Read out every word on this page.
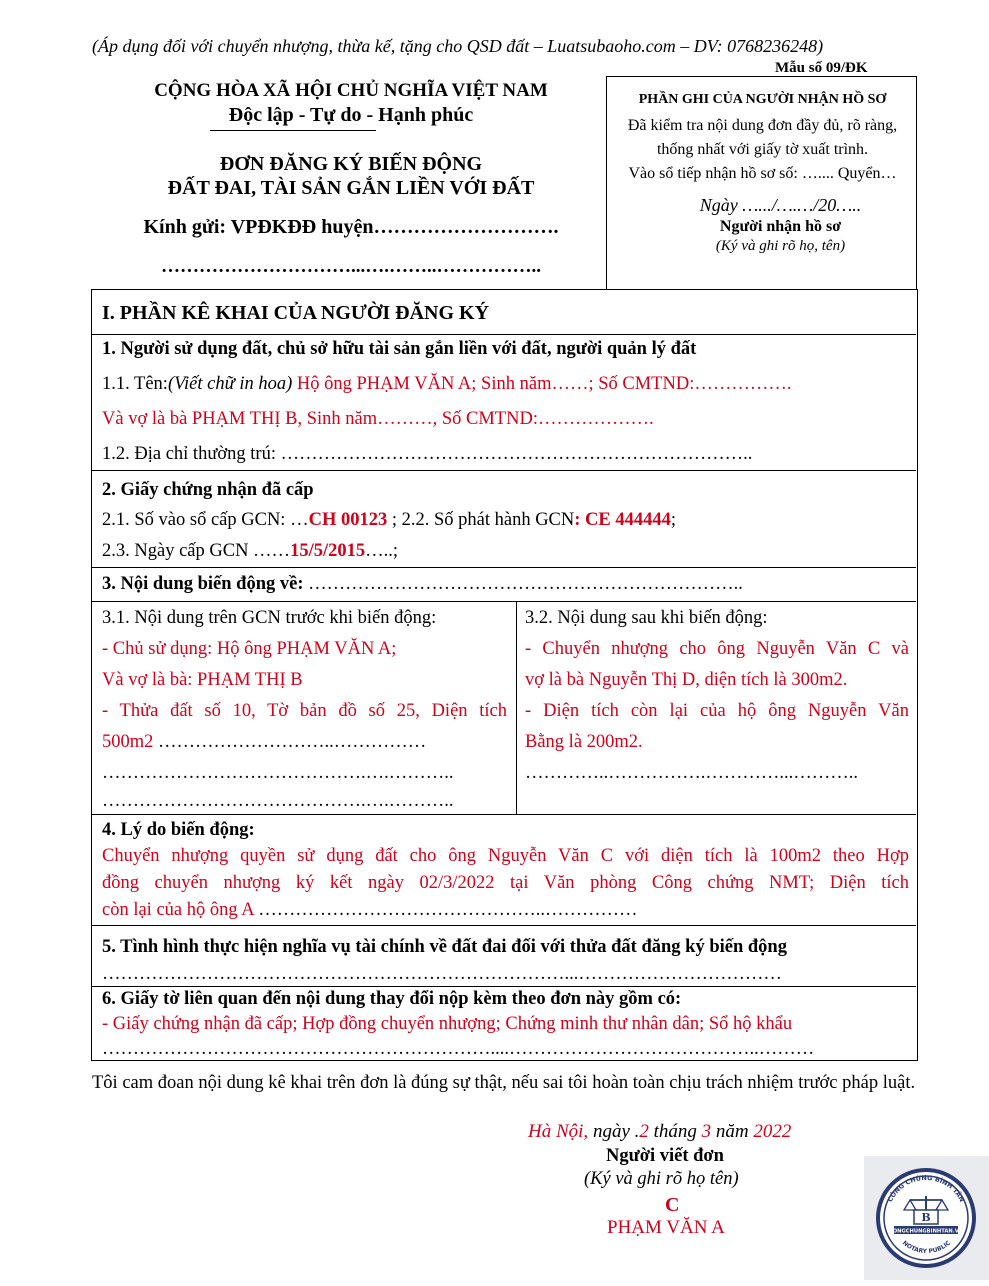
(Áp dụng đối với chuyển nhượng, thừa kế, tặng cho QSD đất – Luatsubaoho.com – DV: 0768236248)
Mẫu số 09/ĐK
CỘNG HÒA XÃ HỘI CHỦ NGHĨA VIỆT NAM
Độc lập - Tự do - Hạnh phúc
ĐƠN ĐĂNG KÝ BIẾN ĐỘNG
ĐẤT ĐAI, TÀI SẢN GẮN LIỀN VỚI ĐẤT
Kính gửi: VPĐKĐĐ huyện……………………….
…………………………...….……..……………..
PHẦN GHI CỦA NGƯỜI NHẬN HỒ SƠ
Đã kiểm tra nội dung đơn đầy đủ, rõ ràng,
thống nhất với giấy tờ xuất trình.
Vào sổ tiếp nhận hồ sơ số: ….... Quyển…
Ngày ….../….…/20…..
Người nhận hồ sơ
(Ký và ghi rõ họ, tên)
I. PHẦN KÊ KHAI CỦA NGƯỜI ĐĂNG KÝ
1. Người sử dụng đất, chủ sở hữu tài sản gắn liền với đất, người quản lý đất
1.1. Tên:(Viết chữ in hoa) Hộ ông PHẠM VĂN A; Sinh năm……; Số CMTND:…………….
Và vợ là bà PHẠM THỊ B, Sinh năm………, Số CMTND:……………….
1.2. Địa chỉ thường trú: …………………………………………………………………..
2. Giấy chứng nhận đã cấp
2.1. Số vào sổ cấp GCN: …CH 00123 ; 2.2. Số phát hành GCN: CE 444444;
2.3. Ngày cấp GCN ……15/5/2015…..;
3. Nội dung biến động về: ……………………………………………………………..
3.1. Nội dung trên GCN trước khi biến động:
- Chủ sử dụng: Hộ ông PHẠM VĂN A;
Và vợ là bà: PHẠM THỊ B
- Thửa đất số 10, Tờ bản đồ số 25, Diện tích
500m2 ………………………..……………
…………………………………….….………..
…………………………………….….………..
3.2. Nội dung sau khi biến động:
- Chuyển nhượng cho ông Nguyễn Văn C và
vợ là bà Nguyễn Thị D, diện tích là 300m2.
- Diện tích còn lại của hộ ông Nguyễn Văn
Bằng là 200m2.
…………..…………….…………...………..
4. Lý do biến động:
Chuyển nhượng quyền sử dụng đất cho ông Nguyễn Văn C với diện tích là 100m2 theo Hợp
đồng chuyển nhượng ký kết ngày 02/3/2022 tại Văn phòng Công chứng NMT; Diện tích
còn lại của hộ ông A ………………………………………..……………
5. Tình hình thực hiện nghĩa vụ tài chính về đất đai đối với thửa đất đăng ký biến động
…………………………………………………………………...……………………………
6. Giấy tờ liên quan đến nội dung thay đổi nộp kèm theo đơn này gồm có:
- Giấy chứng nhận đã cấp; Hợp đồng chuyển nhượng; Chứng minh thư nhân dân; Sổ hộ khẩu
………………………………………………………....…………………………………..………
Tôi cam đoan nội dung kê khai trên đơn là đúng sự thật, nếu sai tôi hoàn toàn chịu trách nhiệm trước pháp luật.
Hà Nội, ngày .2 tháng 3 năm 2022
Người viết đơn
(Ký và ghi rõ họ tên)
C
PHẠM VĂN A
CÔNG CHỨNG BÌNH TÂN
NOTARY PUBLIC
B
CONGCHUNGBINHTAN.VN
